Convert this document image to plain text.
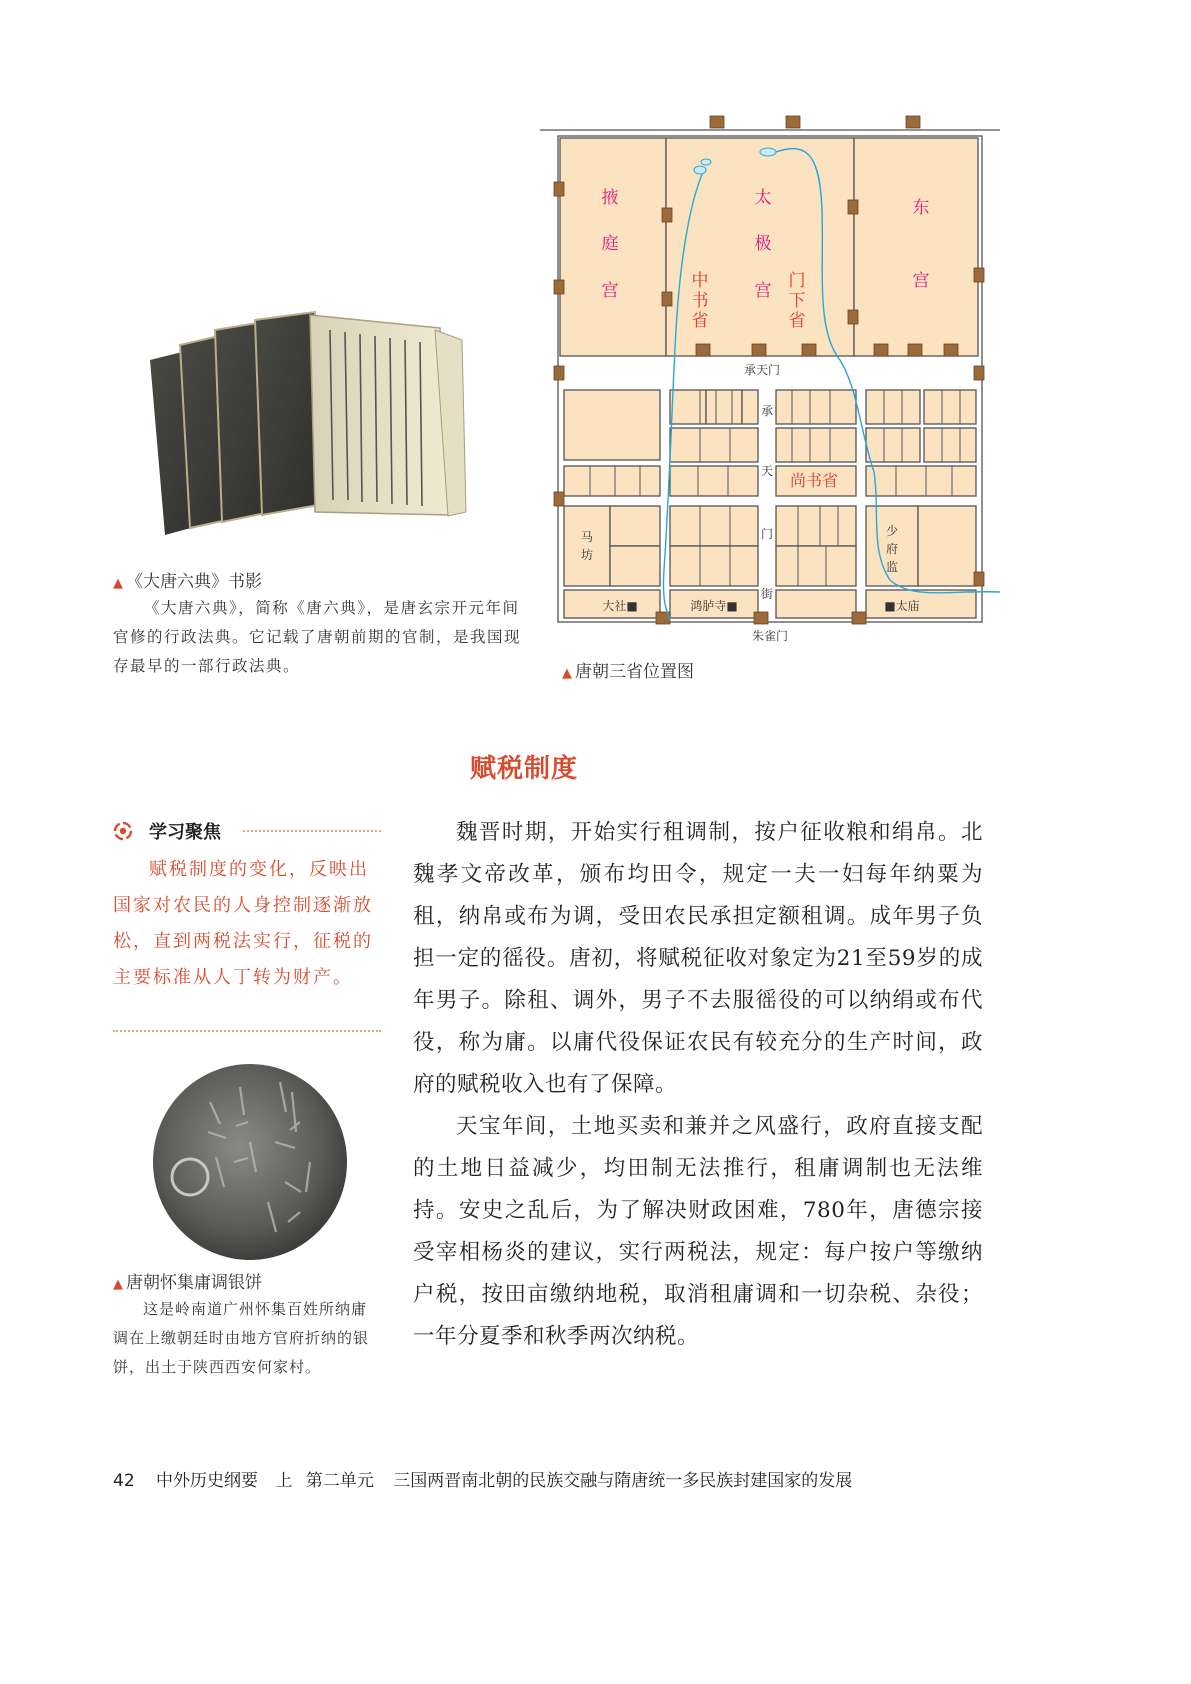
▲ 《大唐六典》书影
《大唐六典》，简称《唐六典》，是唐玄宗开元年间官修的行政法典。它记载了唐朝前期的官制，是我国现存最早的一部行政法典。
掖
庭
宫
太
极
宫
东
宫
中
书
省
门
下
省
尚书省
承天门
承
天
门
街
马
坊
少
府
监
大社■	鸿胪寺■	■太庙
朱雀门
▲ 唐朝三省位置图
赋税制度
学习聚焦

赋税制度的变化，反映出国家对农民的人身控制逐渐放松，直到两税法实行，征税的主要标准从人丁转为财产。

▲ 唐朝怀集庸调银饼
这是岭南道广州怀集百姓所纳庸调在上缴朝廷时由地方官府折纳的银饼，出土于陕西西安何家村。

魏晋时期，开始实行租调制，按户征收粮和绢帛。北魏孝文帝改革，颁布均田令，规定一夫一妇每年纳粟为租，纳帛或布为调，受田农民承担定额租调。成年男子负担一定的徭役。唐初，将赋税征收对象定为21至59岁的成年男子。除租、调外，男子不去服徭役的可以纳绢或布代役，称为庸。以庸代役保证农民有较充分的生产时间，政府的赋税收入也有了保障。

天宝年间，土地买卖和兼并之风盛行，政府直接支配的土地日益减少，均田制无法推行，租庸调制也无法维持。安史之乱后，为了解决财政困难，780年，唐德宗接受宰相杨炎的建议，实行两税法，规定：每户按户等缴纳户税，按田亩缴纳地税，取消租庸调和一切杂税、杂役；一年分夏季和秋季两次纳税。

42 中外历史纲要 上 第二单元 三国两晋南北朝的民族交融与隋唐统一多民族封建国家的发展
